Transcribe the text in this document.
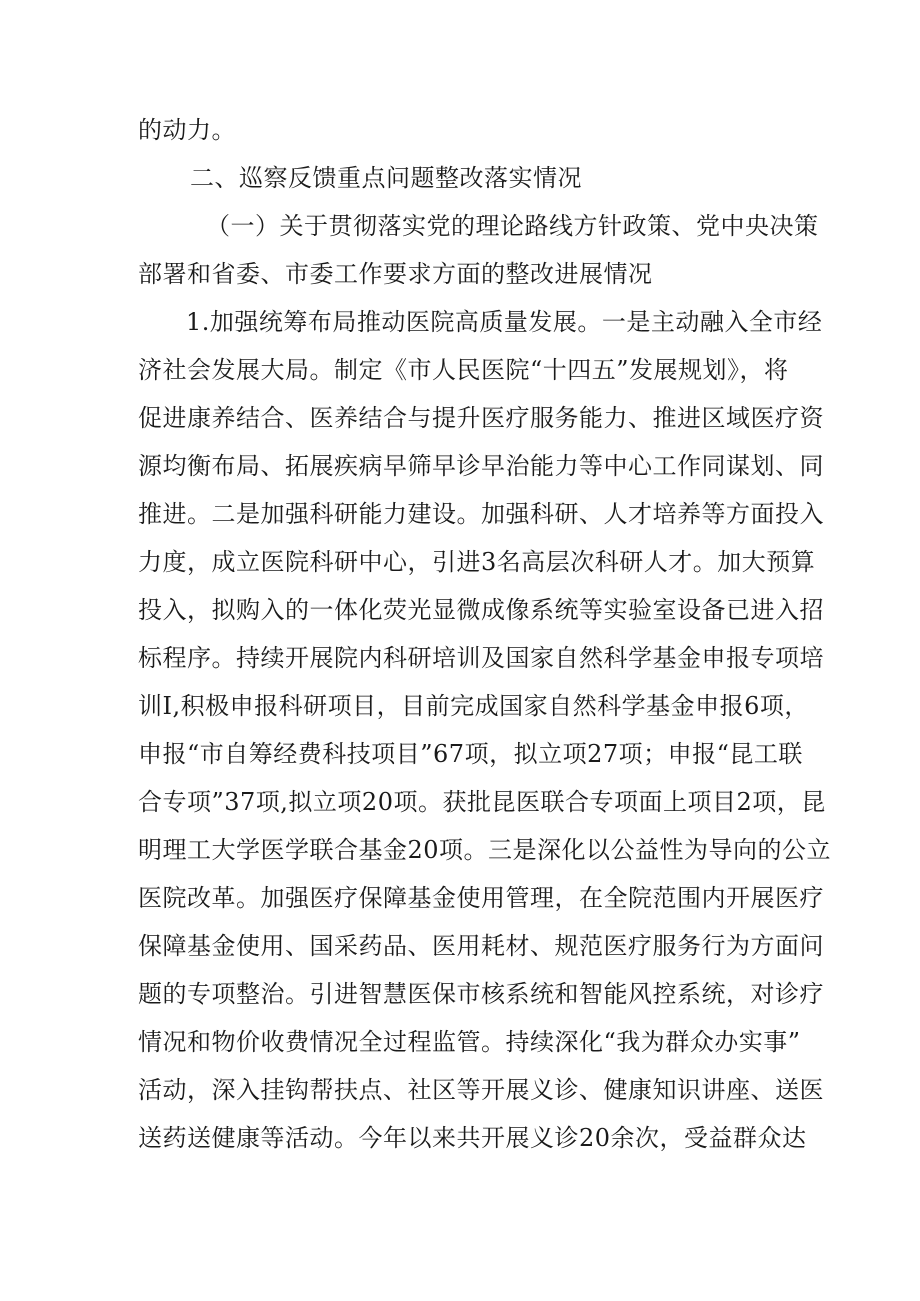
的动力。
二、巡察反馈重点问题整改落实情况
（一）关于贯彻落实党的理论路线方针政策、党中央决策
部署和省委、市委工作要求方面的整改进展情况
1.加强统筹布局推动医院高质量发展。一是主动融入全市经
济社会发展大局。制定《市人民医院“十四五”发展规划》，将
促进康养结合、医养结合与提升医疗服务能力、推进区域医疗资
源均衡布局、拓展疾病早筛早诊早治能力等中心工作同谋划、同
推进。二是加强科研能力建设。加强科研、人才培养等方面投入
力度，成立医院科研中心，引进3名高层次科研人才。加大预算
投入，拟购入的一体化荧光显微成像系统等实验室设备已进入招
标程序。持续开展院内科研培训及国家自然科学基金申报专项培
训I,积极申报科研项目，目前完成国家自然科学基金申报6项，
申报“市自筹经费科技项目”67项，拟立项27项；申报“昆工联
合专项”37项,拟立项20项。获批昆医联合专项面上项目2项，昆
明理工大学医学联合基金20项。三是深化以公益性为导向的公立
医院改革。加强医疗保障基金使用管理，在全院范围内开展医疗
保障基金使用、国采药品、医用耗材、规范医疗服务行为方面问
题的专项整治。引进智慧医保市核系统和智能风控系统，对诊疗
情况和物价收费情况全过程监管。持续深化“我为群众办实事”
活动，深入挂钩帮扶点、社区等开展义诊、健康知识讲座、送医
送药送健康等活动。今年以来共开展义诊20余次，受益群众达
